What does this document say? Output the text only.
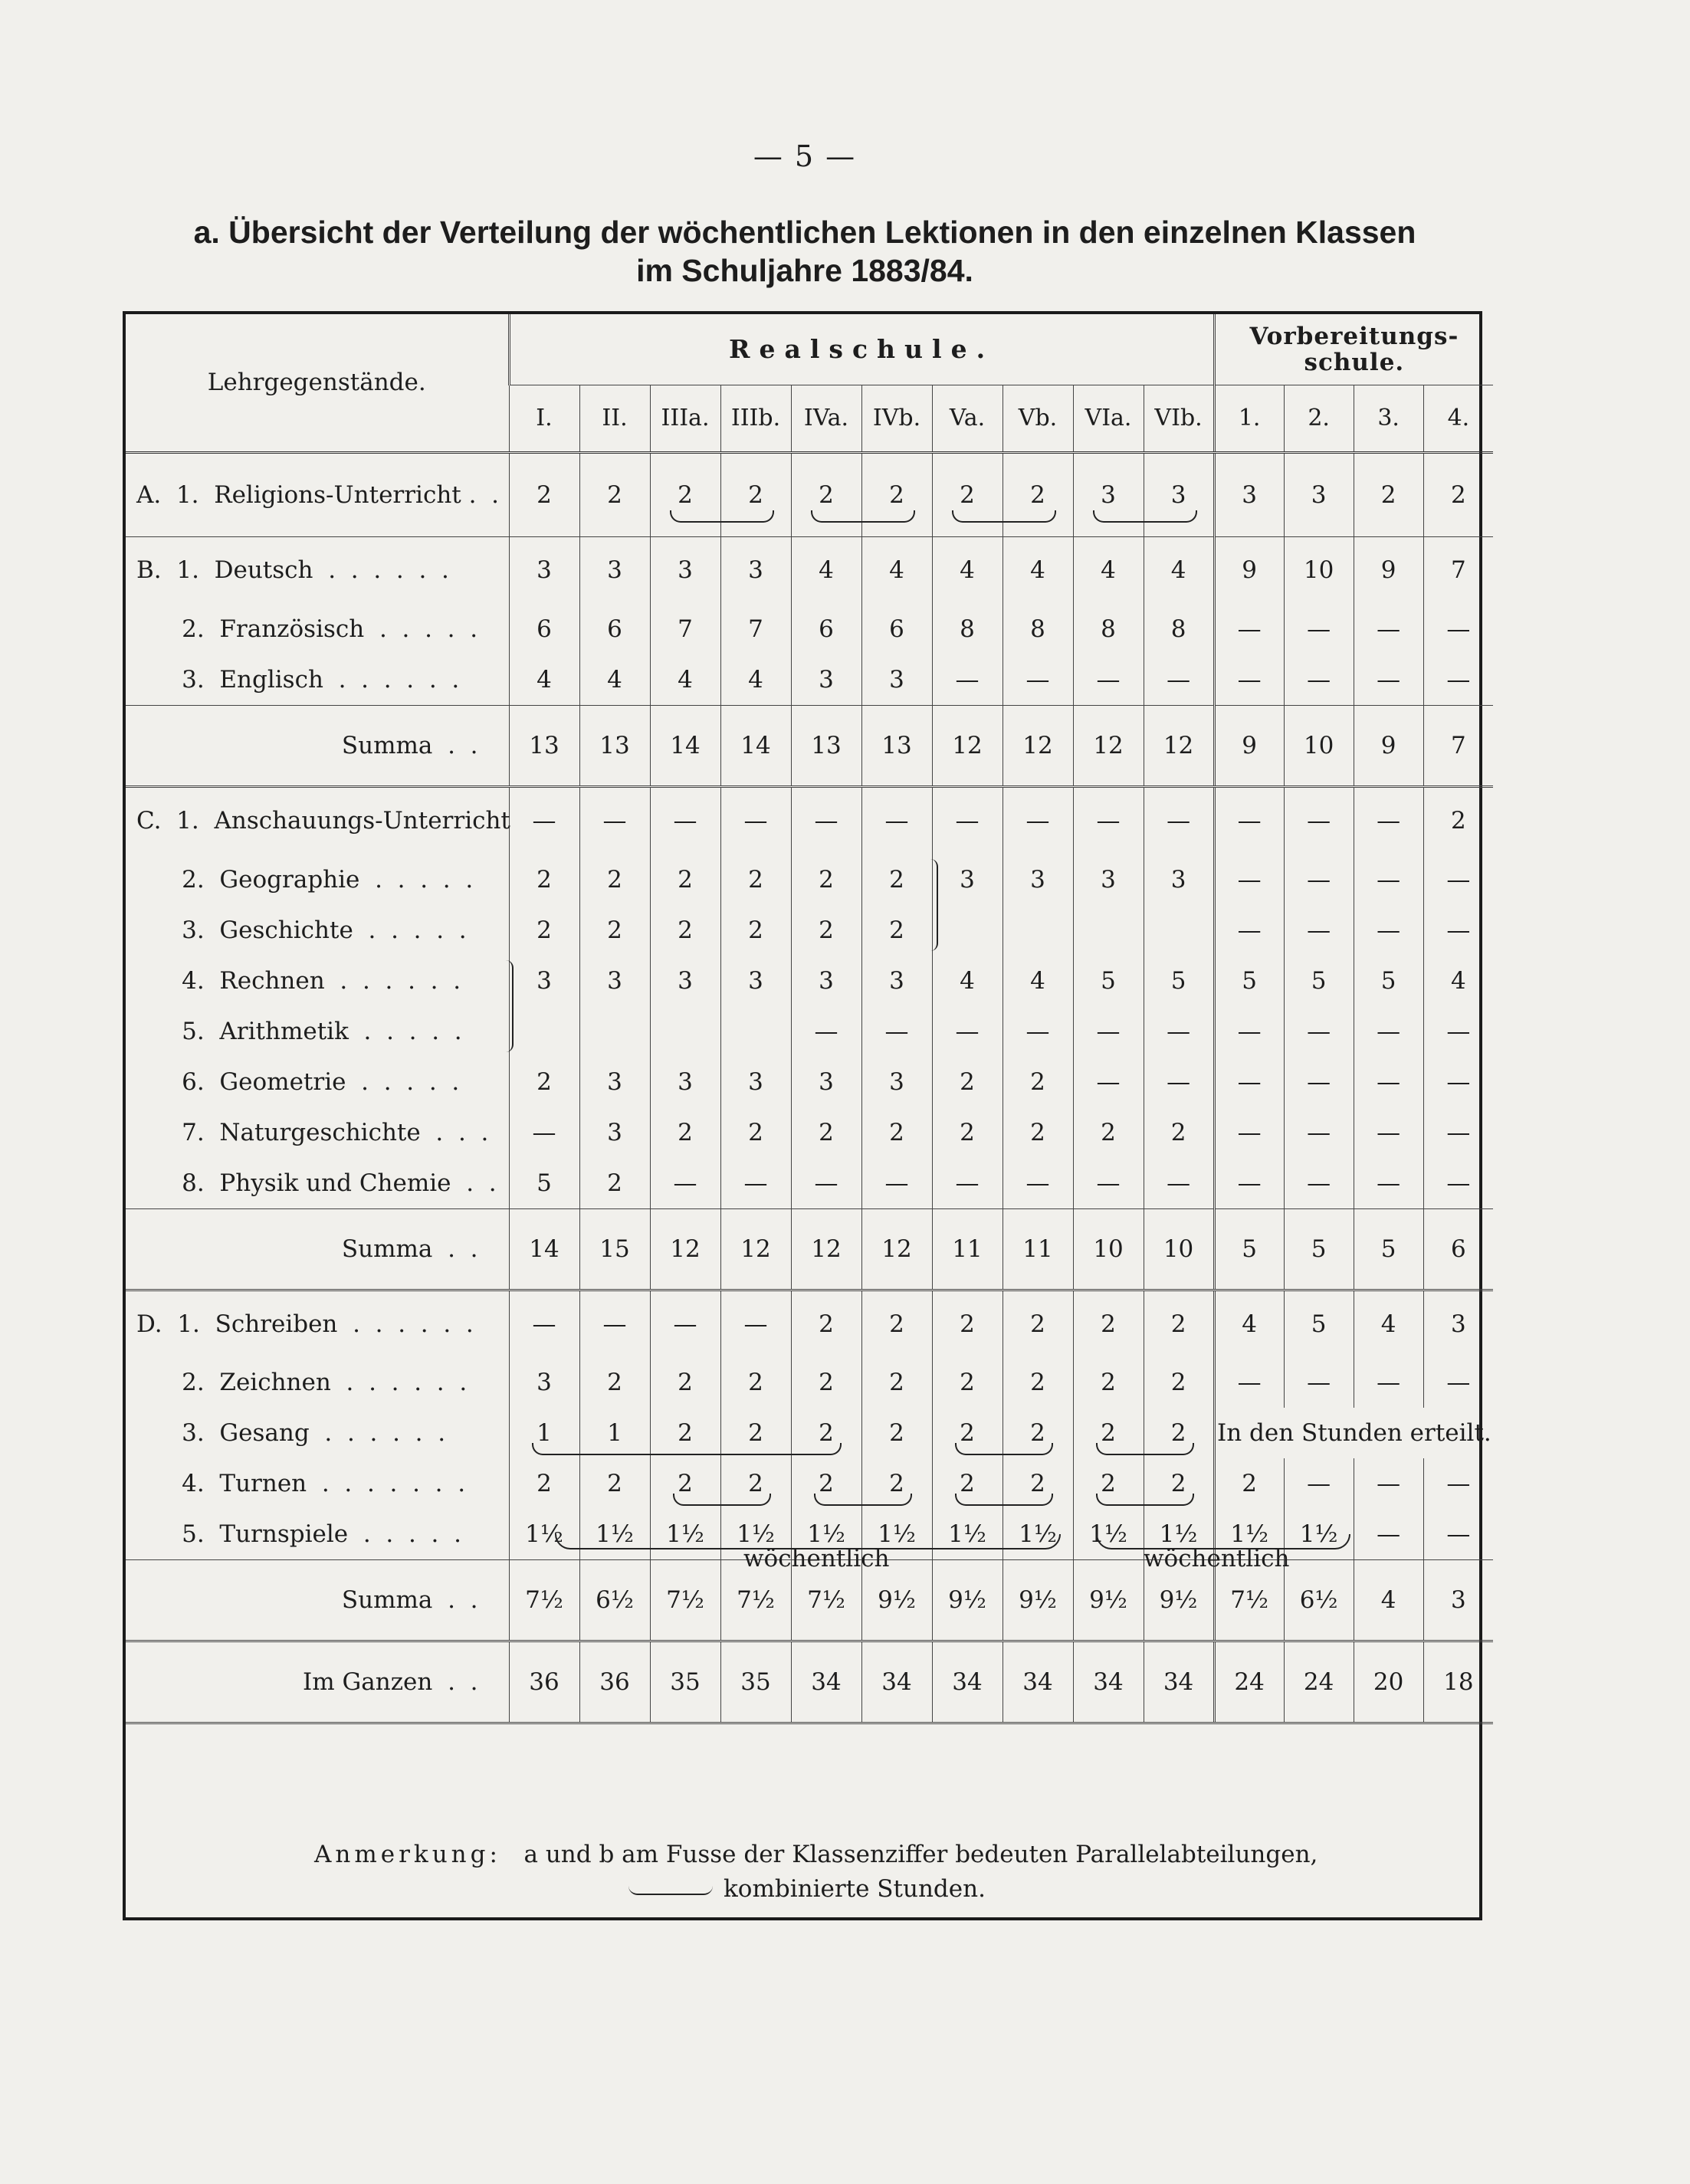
— 5 —
a. Übersicht der Verteilung der wöchentlichen Lektionen in den einzelnen Klassen
im Schuljahre 1883/84.
Lehrgegenstände.	Realschule.										Vorbereitungs-
schule.			

	I.	II.	IIIa.	IIIb.	IVa.	IVb.	Va.	Vb.	VIa.	VIb.	1.	2.	3.	4.
A.  1.  Religions-Unterricht .  .	2	2	2	2	2	2	2	2	3	3	3	3	2	2
B.  1.  Deutsch  .  .  .  .  .  .	3	3	3	3	4	4	4	4	4	4	9	10	9	7
2.  Französisch  .  .  .  .  .	6	6	7	7	6	6	8	8	8	8	—	—	—	—
3.  Englisch  .  .  .  .  .  .	4	4	4	4	3	3	—	—	—	—	—	—	—	—
Summa  .  .	13	13	14	14	13	13	12	12	12	12	9	10	9	7
C.  1.  Anschauungs-Unterricht	—	—	—	—	—	—	—	—	—	—	—	—	—	2
2.  Geographie  .  .  .  .  .	2	2	2	2	2	2	3	3	3	3	—	—	—	—
3.  Geschichte  .  .  .  .  .	2	2	2	2	2	2					—	—	—	—
4.  Rechnen  .  .  .  .  .  .	3	3	3	3	3	3	4	4	5	5	5	5	5	4
5.  Arithmetik  .  .  .  .  .					—	—	—	—	—	—	—	—	—	—
6.  Geometrie  .  .  .  .  .	2	3	3	3	3	3	2	2	—	—	—	—	—	—
7.  Naturgeschichte  .  .  .	—	3	2	2	2	2	2	2	2	2	—	—	—	—
8.  Physik und Chemie  .  .	5	2	—	—	—	—	—	—	—	—	—	—	—	—
Summa  .  .	14	15	12	12	12	12	11	11	10	10	5	5	5	6
D.  1.  Schreiben  .  .  .  .  .  .	—	—	—	—	2	2	2	2	2	2	4	5	4	3
2.  Zeichnen  .  .  .  .  .  .	3	2	2	2	2	2	2	2	2	2	—	—	—	—
3.  Gesang  .  .  .  .  .  .	1	1	2	2	2	2	2	2	2	2	In den Stunden erteilt.			
4.  Turnen  .  .  .  .  .  .  .	2	2	2	2	2	2	2	2	2	2	2	—	—	—
5.  Turnspiele  .  .  .  .  .	1½	1½	1½	1½	1½	1½	1½	1½	1½	1½	1½	1½	—	—
Summa  .  .	7½	6½	7½	7½	7½	9½	9½	9½	9½	9½	7½	6½	4	3
Im Ganzen  .  .	36	36	35	35	34	34	34	34	34	34	24	24	20	18
Anmerkung: a und b am Fusse der Klassenziffer bedeuten Parallelabteilungen,
kombinierte Stunden.
wöchentlich	wöchentlich
